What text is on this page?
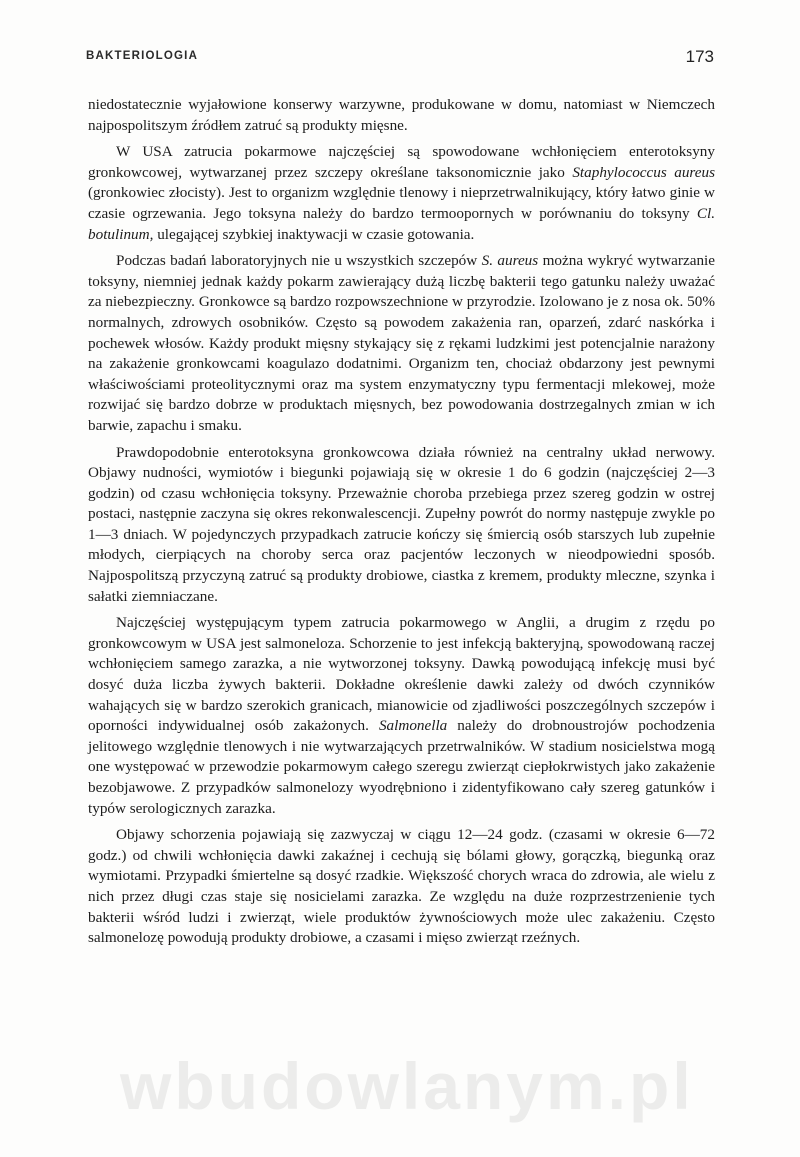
BAKTERIOLOGIA	173

niedostatecznie wyjałowione konserwy warzywne, produkowane w domu, natomiast w Niemczech najpospolitszym źródłem zatruć są produkty mięsne.

W USA zatrucia pokarmowe najczęściej są spowodowane wchłonięciem enterotoksyny gronkowcowej, wytwarzanej przez szczepy określane taksonomicznie jako Staphylococcus aureus (gronkowiec złocisty). Jest to organizm względnie tlenowy i nieprzetrwalnikujący, który łatwo ginie w czasie ogrzewania. Jego toksyna należy do bardzo termoopornych w porównaniu do toksyny Cl. botulinum, ulegającej szybkiej inaktywacji w czasie gotowania.

Podczas badań laboratoryjnych nie u wszystkich szczepów S. aureus można wykryć wytwarzanie toksyny, niemniej jednak każdy pokarm zawierający dużą liczbę bakterii tego gatunku należy uważać za niebezpieczny. Gronkowce są bardzo rozpowszechnione w przyrodzie. Izolowano je z nosa ok. 50% normalnych, zdrowych osobników. Często są powodem zakażenia ran, oparzeń, zdarć naskórka i pochewek włosów. Każdy produkt mięsny stykający się z rękami ludzkimi jest potencjalnie narażony na zakażenie gronkowcami koagulazo dodatnimi. Organizm ten, chociaż obdarzony jest pewnymi właściwościami proteolitycznymi oraz ma system enzymatyczny typu fermentacji mlekowej, może rozwijać się bardzo dobrze w produktach mięsnych, bez powodowania dostrzegalnych zmian w ich barwie, zapachu i smaku.

Prawdopodobnie enterotoksyna gronkowcowa działa również na centralny układ nerwowy. Objawy nudności, wymiotów i biegunki pojawiają się w okresie 1 do 6 godzin (najczęściej 2—3 godzin) od czasu wchłonięcia toksyny. Przeważnie choroba przebiega przez szereg godzin w ostrej postaci, następnie zaczyna się okres rekonwalescencji. Zupełny powrót do normy następuje zwykle po 1—3 dniach. W pojedynczych przypadkach zatrucie kończy się śmiercią osób starszych lub zupełnie młodych, cierpiących na choroby serca oraz pacjentów leczonych w nieodpowiedni sposób. Najpospolitszą przyczyną zatruć są produkty drobiowe, ciastka z kremem, produkty mleczne, szynka i sałatki ziemniaczane.

Najczęściej występującym typem zatrucia pokarmowego w Anglii, a drugim z rzędu po gronkowcowym w USA jest salmoneloza. Schorzenie to jest infekcją bakteryjną, spowodowaną raczej wchłonięciem samego zarazka, a nie wytworzonej toksyny. Dawką powodującą infekcję musi być dosyć duża liczba żywych bakterii. Dokładne określenie dawki zależy od dwóch czynników wahających się w bardzo szerokich granicach, mianowicie od zjadliwości poszczególnych szczepów i oporności indywidualnej osób zakażonych. Salmonella należy do drobnoustrojów pochodzenia jelitowego względnie tlenowych i nie wytwarzających przetrwalników. W stadium nosicielstwa mogą one występować w przewodzie pokarmowym całego szeregu zwierząt ciepłokrwistych jako zakażenie bezobjawowe. Z przypadków salmonelozy wyodrębniono i zidentyfikowano cały szereg gatunków i typów serologicznych zarazka.

Objawy schorzenia pojawiają się zazwyczaj w ciągu 12—24 godz. (czasami w okresie 6—72 godz.) od chwili wchłonięcia dawki zakaźnej i cechują się bólami głowy, gorączką, biegunką oraz wymiotami. Przypadki śmiertelne są dosyć rzadkie. Większość chorych wraca do zdrowia, ale wielu z nich przez długi czas staje się nosicielami zarazka. Ze względu na duże rozprzestrzenienie tych bakterii wśród ludzi i zwierząt, wiele produktów żywnościowych może ulec zakażeniu. Często salmonelozę powodują produkty drobiowe, a czasami i mięso zwierząt rzeźnych.

wbudowlanym.pl
